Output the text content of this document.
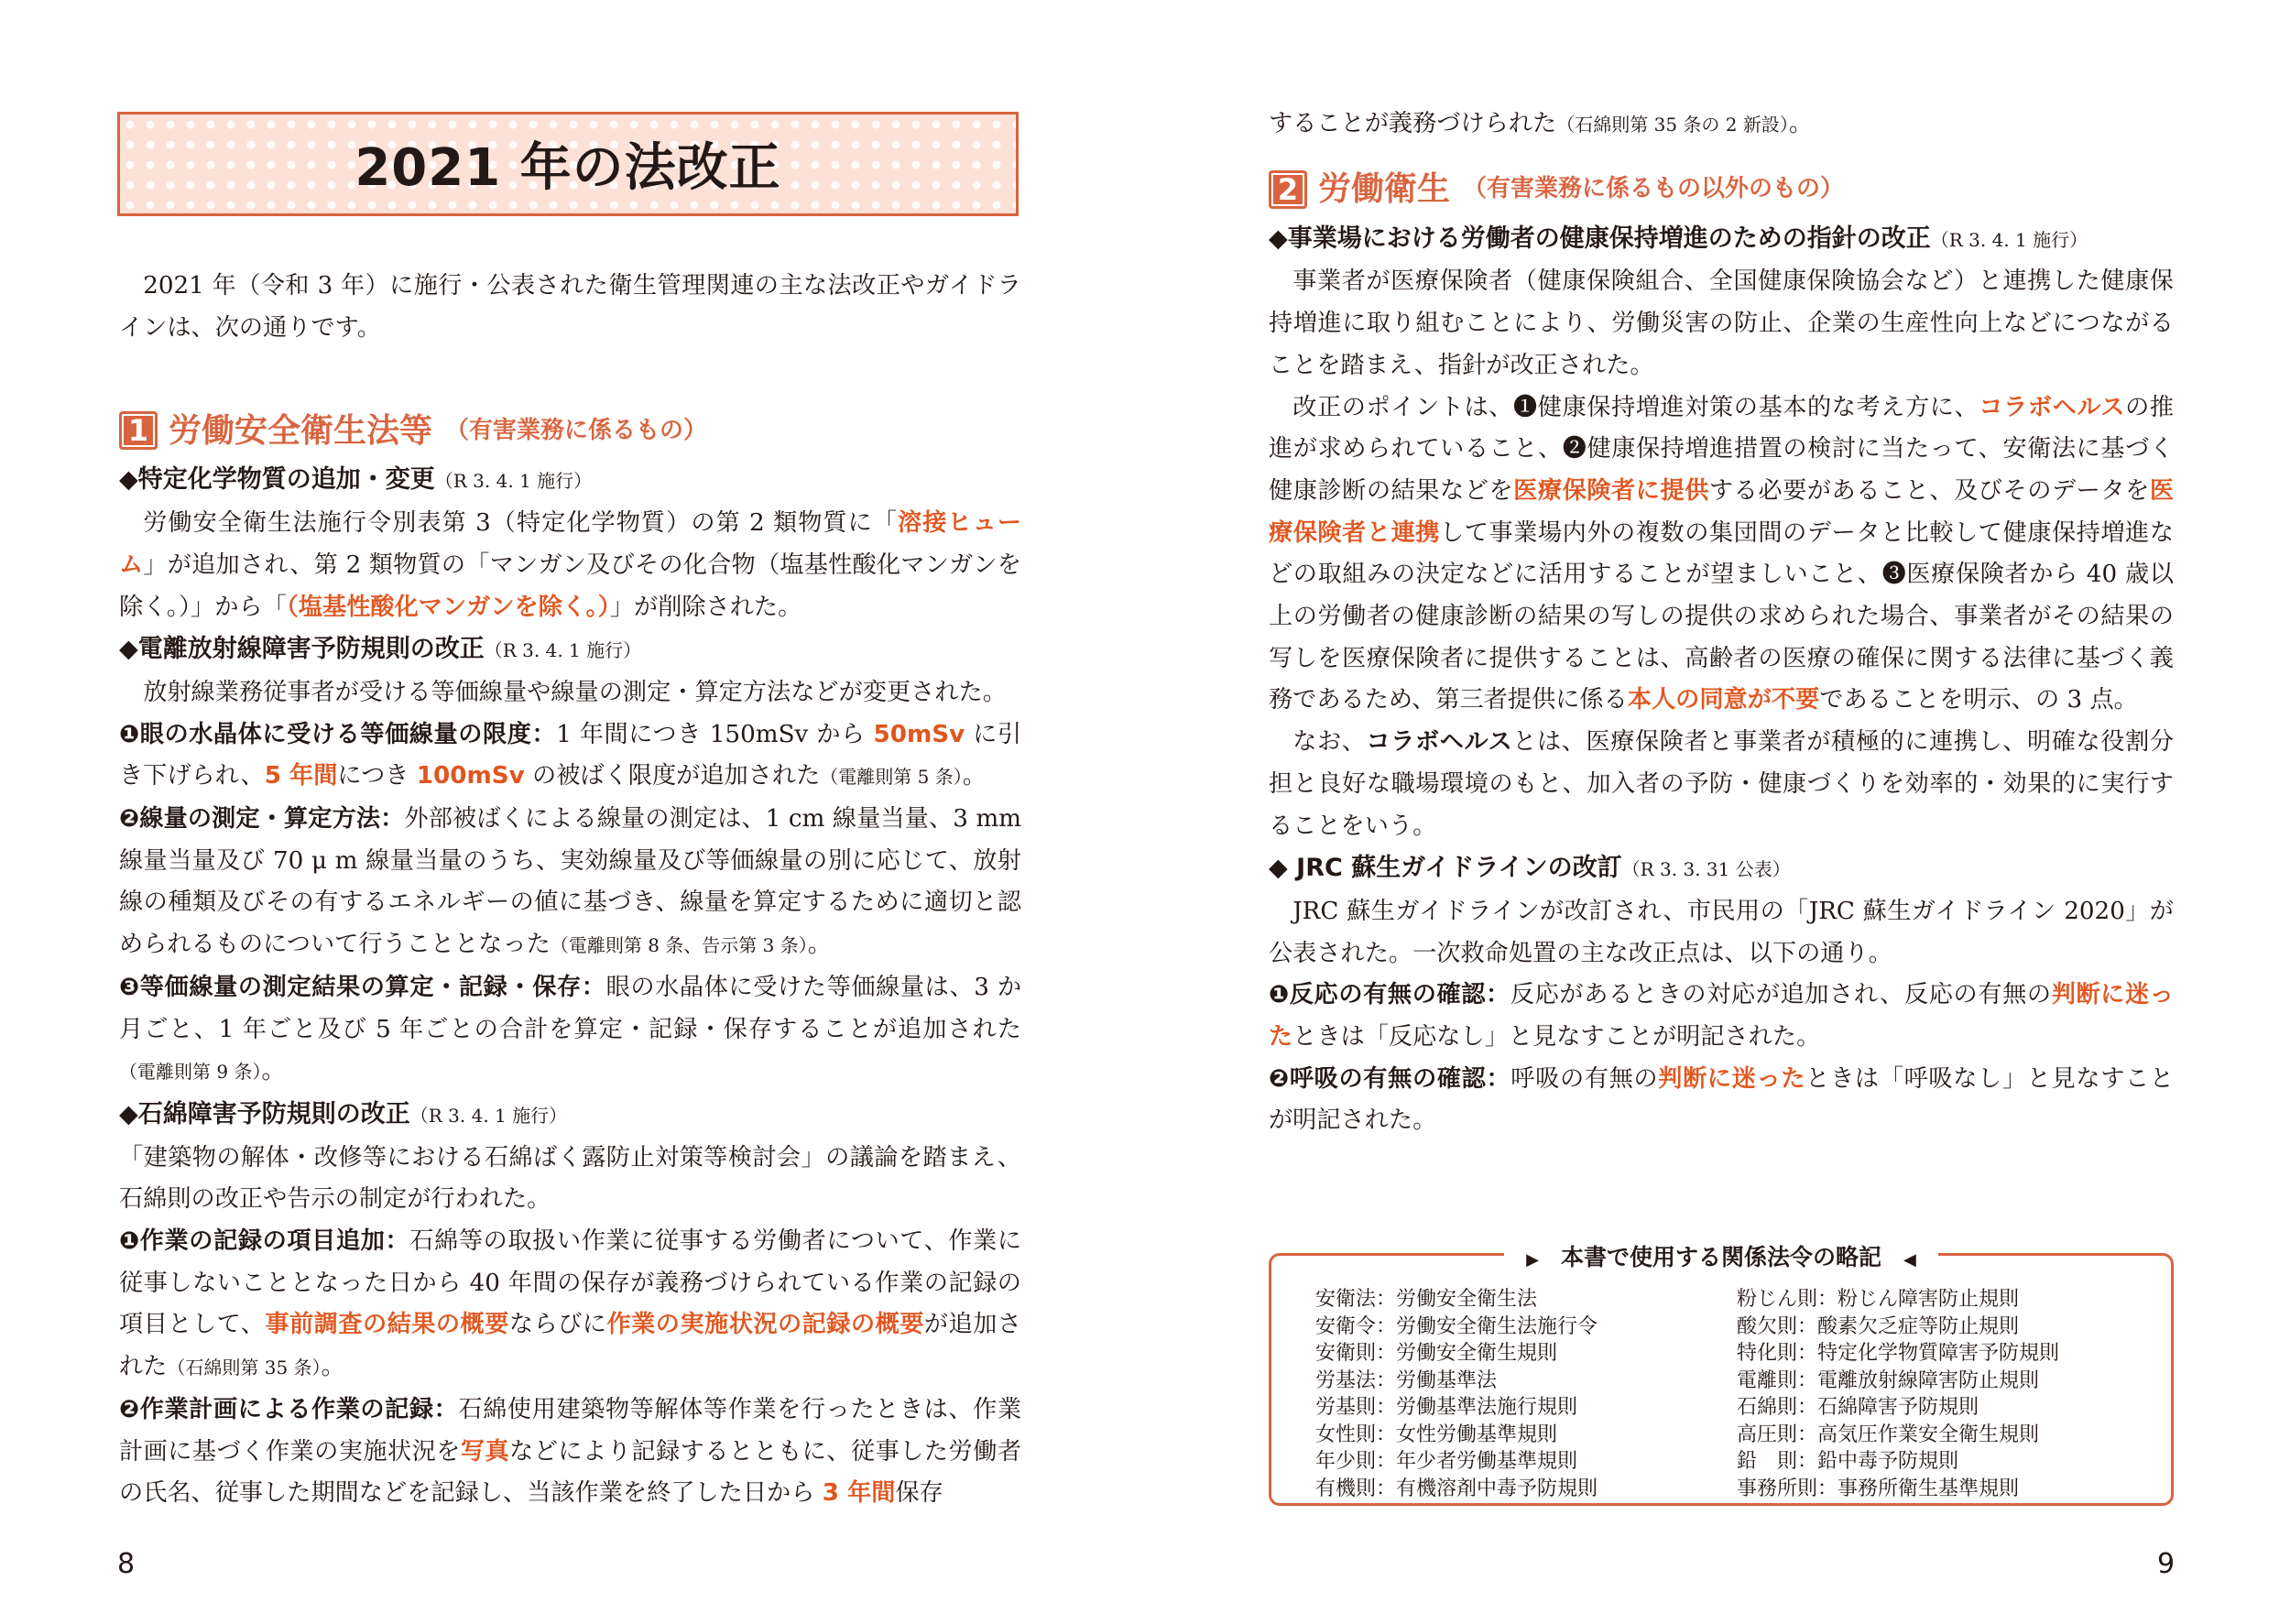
2021 年の法改正

2021 年（令和 3 年）に施行・公表された衛生管理関連の主な法改正やガイドラインは、次の通りです。

1 労働安全衛生法等 （有害業務に係るもの）

◆特定化学物質の追加・変更（R 3. 4. 1 施行）

労働安全衛生法施行令別表第 3（特定化学物質）の第 2 類物質に「溶接ヒューム」が追加され、第 2 類物質の「マンガン及びその化合物（塩基性酸化マンガンを除く。）」から「（塩基性酸化マンガンを除く。）」が削除された。

◆電離放射線障害予防規則の改正（R 3. 4. 1 施行）

放射線業務従事者が受ける等価線量や線量の測定・算定方法などが変更された。

❶眼の水晶体に受ける等価線量の限度：1 年間につき 150mSv から 50mSv に引き下げられ、5 年間につき 100mSv の被ばく限度が追加された（電離則第 5 条）。

❷線量の測定・算定方法：外部被ばくによる線量の測定は、1 cm 線量当量、3 mm 線量当量及び 70 μ m 線量当量のうち、実効線量及び等価線量の別に応じて、放射線の種類及びその有するエネルギーの値に基づき、線量を算定するために適切と認められるものについて行うこととなった（電離則第 8 条、告示第 3 条）。

❸等価線量の測定結果の算定・記録・保存：眼の水晶体に受けた等価線量は、3 か月ごと、1 年ごと及び 5 年ごとの合計を算定・記録・保存することが追加された（電離則第 9 条）。

◆石綿障害予防規則の改正（R 3. 4. 1 施行）

「建築物の解体・改修等における石綿ばく露防止対策等検討会」の議論を踏まえ、石綿則の改正や告示の制定が行われた。

❶作業の記録の項目追加：石綿等の取扱い作業に従事する労働者について、作業に従事しないこととなった日から 40 年間の保存が義務づけられている作業の記録の項目として、事前調査の結果の概要ならびに作業の実施状況の記録の概要が追加された（石綿則第 35 条）。

❷作業計画による作業の記録：石綿使用建築物等解体等作業を行ったときは、作業計画に基づく作業の実施状況を写真などにより記録するとともに、従事した労働者の氏名、従事した期間などを記録し、当該作業を終了した日から 3 年間保存

8

することが義務づけられた（石綿則第 35 条の 2 新設）。

2 労働衛生 （有害業務に係るもの以外のもの）

◆事業場における労働者の健康保持増進のための指針の改正（R 3. 4. 1 施行）

事業者が医療保険者（健康保険組合、全国健康保険協会など）と連携した健康保持増進に取り組むことにより、労働災害の防止、企業の生産性向上などにつながることを踏まえ、指針が改正された。

改正のポイントは、❶健康保持増進対策の基本的な考え方に、コラボヘルスの推進が求められていること、❷健康保持増進措置の検討に当たって、安衛法に基づく健康診断の結果などを医療保険者に提供する必要があること、及びそのデータを医療保険者と連携して事業場内外の複数の集団間のデータと比較して健康保持増進などの取組みの決定などに活用することが望ましいこと、❸医療保険者から 40 歳以上の労働者の健康診断の結果の写しの提供の求められた場合、事業者がその結果の写しを医療保険者に提供することは、高齢者の医療の確保に関する法律に基づく義務であるため、第三者提供に係る本人の同意が不要であることを明示、の 3 点。

なお、コラボヘルスとは、医療保険者と事業者が積極的に連携し、明確な役割分担と良好な職場環境のもと、加入者の予防・健康づくりを効率的・効果的に実行することをいう。

◆ JRC 蘇生ガイドラインの改訂（R 3. 3. 31 公表）

JRC 蘇生ガイドラインが改訂され、市民用の「JRC 蘇生ガイドライン 2020」が公表された。一次救命処置の主な改正点は、以下の通り。

❶反応の有無の確認：反応があるときの対応が追加され、反応の有無の判断に迷ったときは「反応なし」と見なすことが明記された。

❷呼吸の有無の確認：呼吸の有無の判断に迷ったときは「呼吸なし」と見なすことが明記された。

▶ 本書で使用する関係法令の略記 ◀
安衛法：労働安全衛生法	粉じん則：粉じん障害防止規則
安衛令：労働安全衛生法施行令	酸欠則：酸素欠乏症等防止規則
安衛則：労働安全衛生規則	特化則：特定化学物質障害予防規則
労基法：労働基準法	電離則：電離放射線障害防止規則
労基則：労働基準法施行規則	石綿則：石綿障害予防規則
女性則：女性労働基準規則	高圧則：高気圧作業安全衛生規則
年少則：年少者労働基準規則	鉛　則：鉛中毒予防規則
有機則：有機溶剤中毒予防規則	事務所則：事務所衛生基準規則
9
